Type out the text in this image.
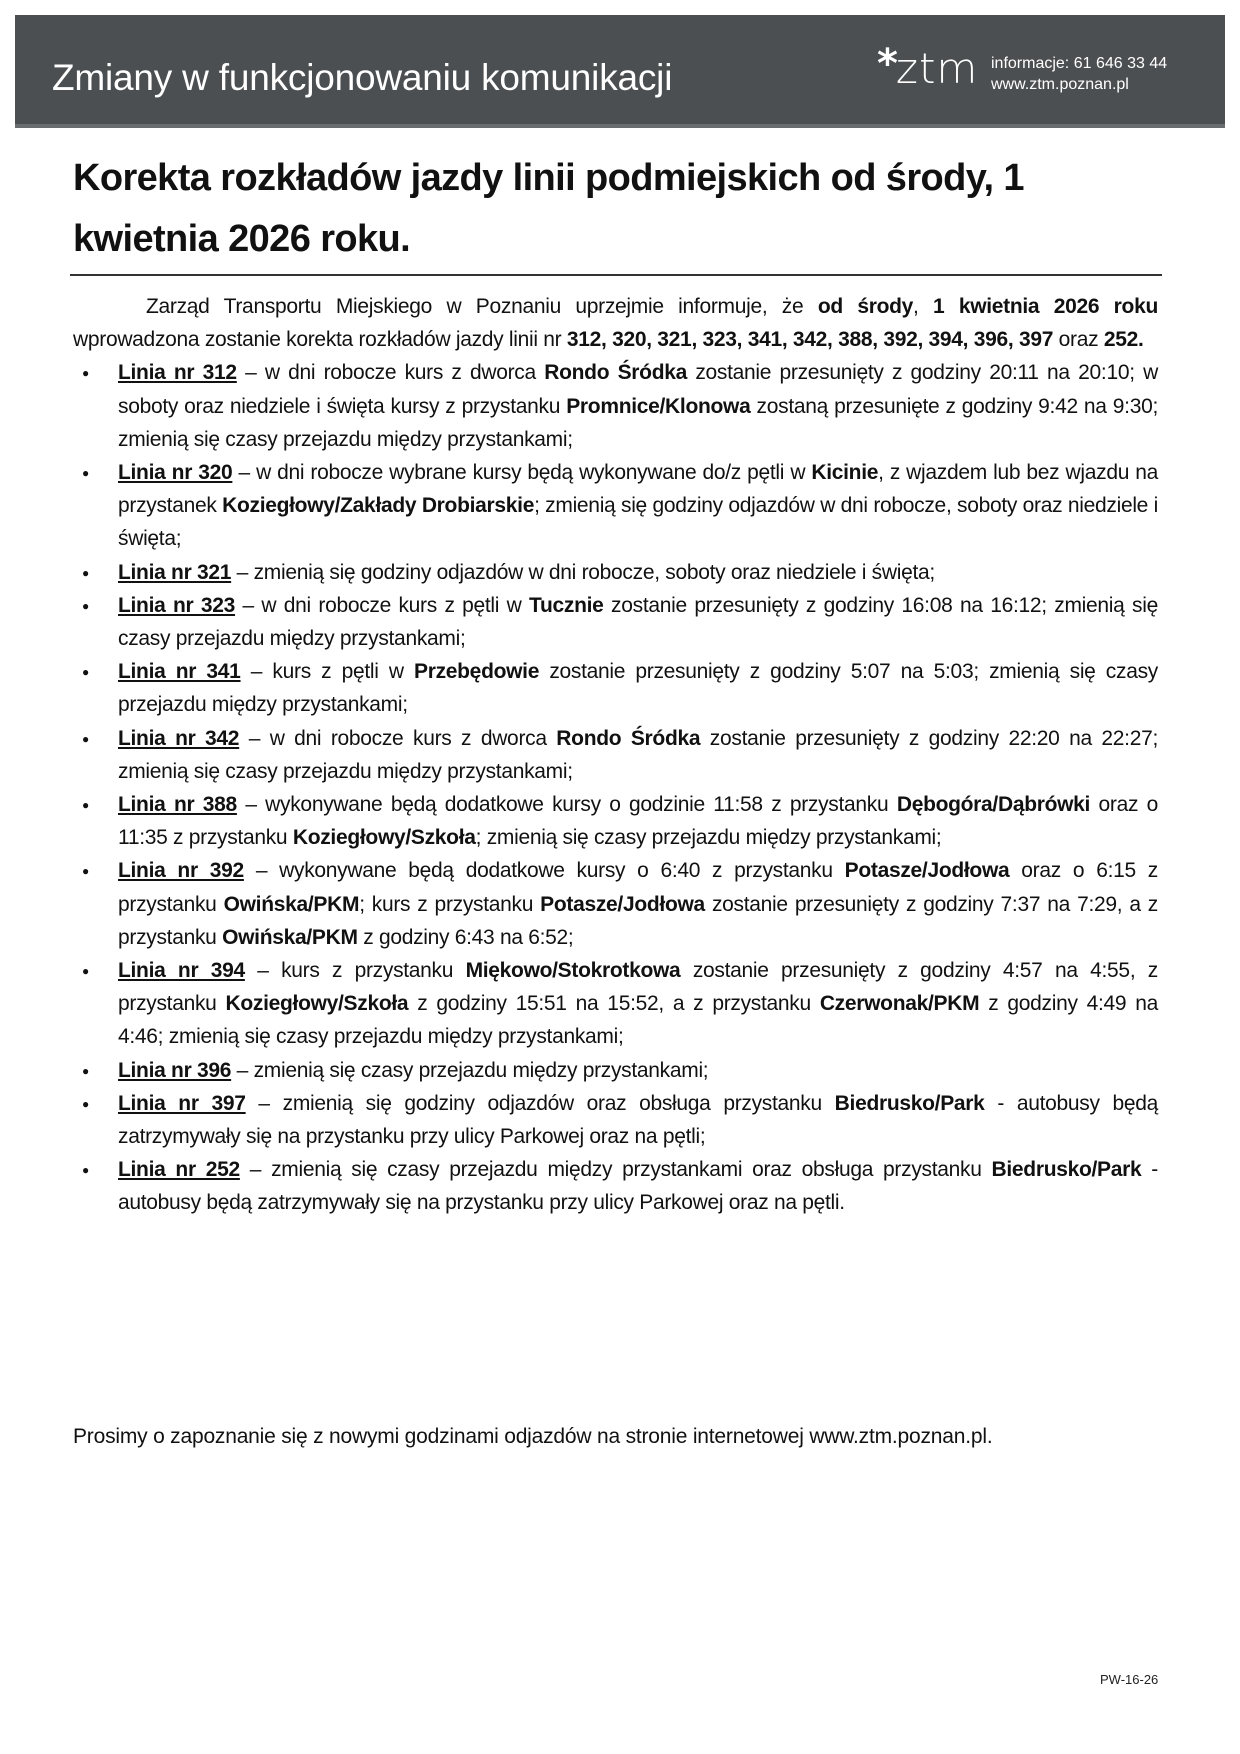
Zmiany w funkcjonowaniu komunikacji	*ztm informacje: 61 646 33 44
www.ztm.poznan.pl
Korekta rozkładów jazdy linii podmiejskich od środy, 1 kwietnia 2026 roku.

Zarząd Transportu Miejskiego w Poznaniu uprzejmie informuje, że od środy, 1 kwietnia 2026 roku wprowadzona zostanie korekta rozkładów jazdy linii nr 312, 320, 321, 323, 341, 342, 388, 392, 394, 396, 397 oraz 252.

● Linia nr 312 – w dni robocze kurs z dworca Rondo Śródka zostanie przesunięty z godziny 20:11 na 20:10; w soboty oraz niedziele i święta kursy z przystanku Promnice/Klonowa zostaną przesunięte z godziny 9:42 na 9:30; zmienią się czasy przejazdu między przystankami;
● Linia nr 320 – w dni robocze wybrane kursy będą wykonywane do/z pętli w Kicinie, z wjazdem lub bez wjazdu na przystanek Koziegłowy/Zakłady Drobiarskie; zmienią się godziny odjazdów w dni robocze, soboty oraz niedziele i święta;
● Linia nr 321 – zmienią się godziny odjazdów w dni robocze, soboty oraz niedziele i święta;
● Linia nr 323 – w dni robocze kurs z pętli w Tucznie zostanie przesunięty z godziny 16:08 na 16:12; zmienią się czasy przejazdu między przystankami;
● Linia nr 341 – kurs z pętli w Przebędowie zostanie przesunięty z godziny 5:07 na 5:03; zmienią się czasy przejazdu między przystankami;
● Linia nr 342 – w dni robocze kurs z dworca Rondo Śródka zostanie przesunięty z godziny 22:20 na 22:27; zmienią się czasy przejazdu między przystankami;
● Linia nr 388 – wykonywane będą dodatkowe kursy o godzinie 11:58 z przystanku Dębogóra/Dąbrówki oraz o 11:35 z przystanku Koziegłowy/Szkoła; zmienią się czasy przejazdu między przystankami;
● Linia nr 392 – wykonywane będą dodatkowe kursy o 6:40 z przystanku Potasze/Jodłowa oraz o 6:15 z przystanku Owińska/PKM; kurs z przystanku Potasze/Jodłowa zostanie przesunięty z godziny 7:37 na 7:29, a z przystanku Owińska/PKM z godziny 6:43 na 6:52;
● Linia nr 394 – kurs z przystanku Miękowo/Stokrotkowa zostanie przesunięty z godziny 4:57 na 4:55, z przystanku Koziegłowy/Szkoła z godziny 15:51 na 15:52, a z przystanku Czerwonak/PKM z godziny 4:49 na 4:46; zmienią się czasy przejazdu między przystankami;
● Linia nr 396 – zmienią się czasy przejazdu między przystankami;
● Linia nr 397 – zmienią się godziny odjazdów oraz obsługa przystanku Biedrusko/Park - autobusy będą zatrzymywały się na przystanku przy ulicy Parkowej oraz na pętli;
● Linia nr 252 – zmienią się czasy przejazdu między przystankami oraz obsługa przystanku Biedrusko/Park - autobusy będą zatrzymywały się na przystanku przy ulicy Parkowej oraz na pętli.

Prosimy o zapoznanie się z nowymi godzinami odjazdów na stronie internetowej www.ztm.poznan.pl.

PW-16-26
